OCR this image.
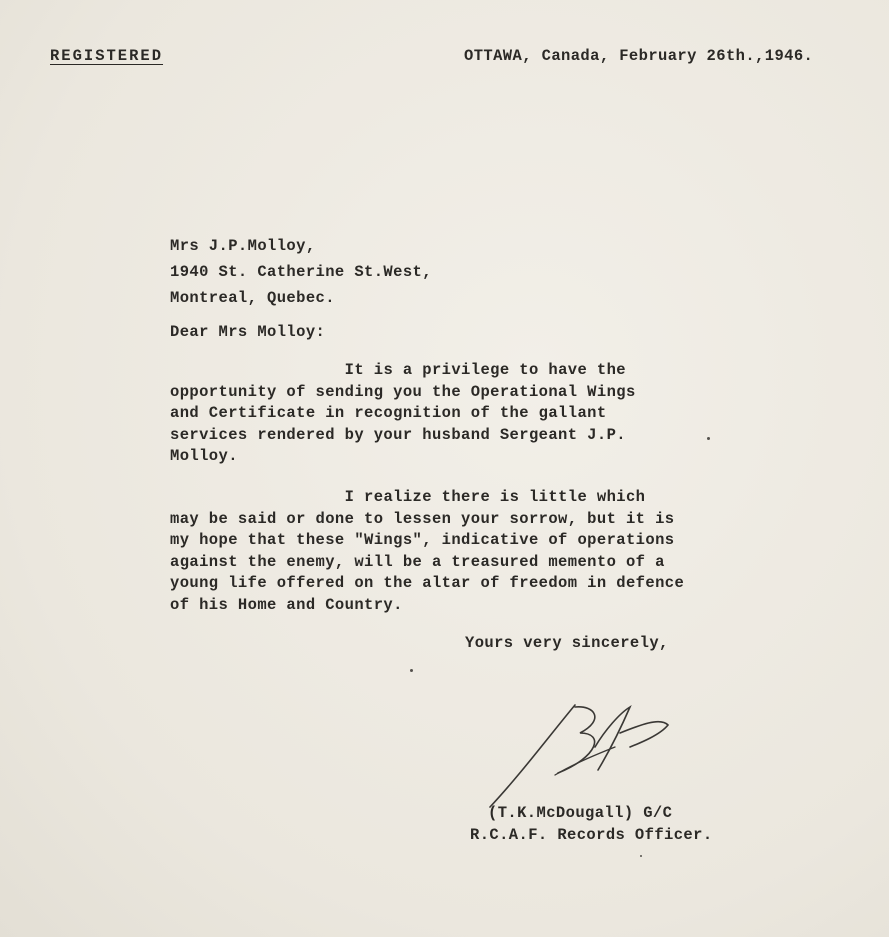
REGISTERED	OTTAWA, Canada, February 26th.,1946.
Mrs J.P.Molloy,
1940 St. Catherine St.West,
Montreal, Quebec.
Dear Mrs Molloy:
It is a privilege to have the
opportunity of sending you the Operational Wings
and Certificate in recognition of the gallant
services rendered by your husband Sergeant J.P.
Molloy.
I realize there is little which
may be said or done to lessen your sorrow, but it is
my hope that these "Wings", indicative of operations
against the enemy, will be a treasured memento of a
young life offered on the altar of freedom in defence
of his Home and Country.
Yours very sincerely,
(T.K.McDougall) G/C
R.C.A.F. Records Officer.
